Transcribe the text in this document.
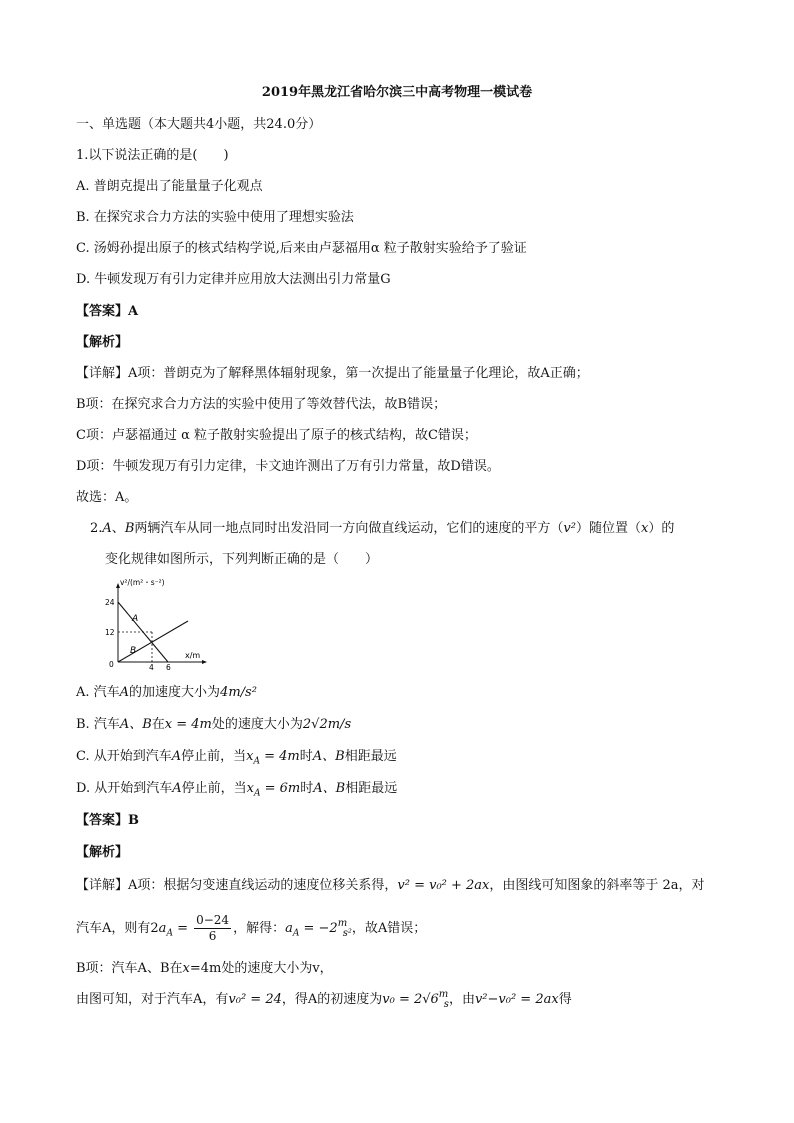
2019年黑龙江省哈尔滨三中高考物理一模试卷
一、单选题（本大题共4小题，共24.0分）
1.以下说法正确的是(　　)
A. 普朗克提出了能量量子化观点
B. 在探究求合力方法的实验中使用了理想实验法
C. 汤姆孙提出原子的核式结构学说,后来由卢瑟福用α 粒子散射实验给予了验证
D. 牛顿发现万有引力定律并应用放大法测出引力常量G
【答案】A
【解析】
【详解】A项：普朗克为了解释黑体辐射现象，第一次提出了能量量子化理论，故A正确；
B项：在探究求合力方法的实验中使用了等效替代法，故B错误；
C项：卢瑟福通过 α 粒子散射实验提出了原子的核式结构，故C错误；
D项：牛顿发现万有引力定律，卡文迪许测出了万有引力常量，故D错误。
故选：A。
2.A、B两辆汽车从同一地点同时出发沿同一方向做直线运动，它们的速度的平方（v²）随位置（x）的
变化规律如图所示，下列判断正确的是（　　）
v²/(m²・s⁻²)
x/m
24
12
0	4 6
A
B
A. 汽车A的加速度大小为4m/s²
B. 汽车A、B在x = 4m处的速度大小为2√2m/s
C. 从开始到汽车A停止前，当$x_A = 4m$时A、B相距最远
D. 从开始到汽车A停止前，当$x_A = 6m$时A、B相距最远
【答案】B
【解析】
【详解】A项：根据匀变速直线运动的速度位移关系得，v² = v₀² + 2ax，由图线可知图象的斜率等于 2a，对
汽车A，则有$2a_A = \frac{0-24}{6}$ ，解得：$a_A = -2$ m
s² ，故A错误；
B项：汽车A、B在x=4m处的速度大小为v，
由图可知，对于汽车A，有v₀² = 24，得A的初速度为v₀ = 2√6 m
s ，由v²−v₀² = 2ax得
